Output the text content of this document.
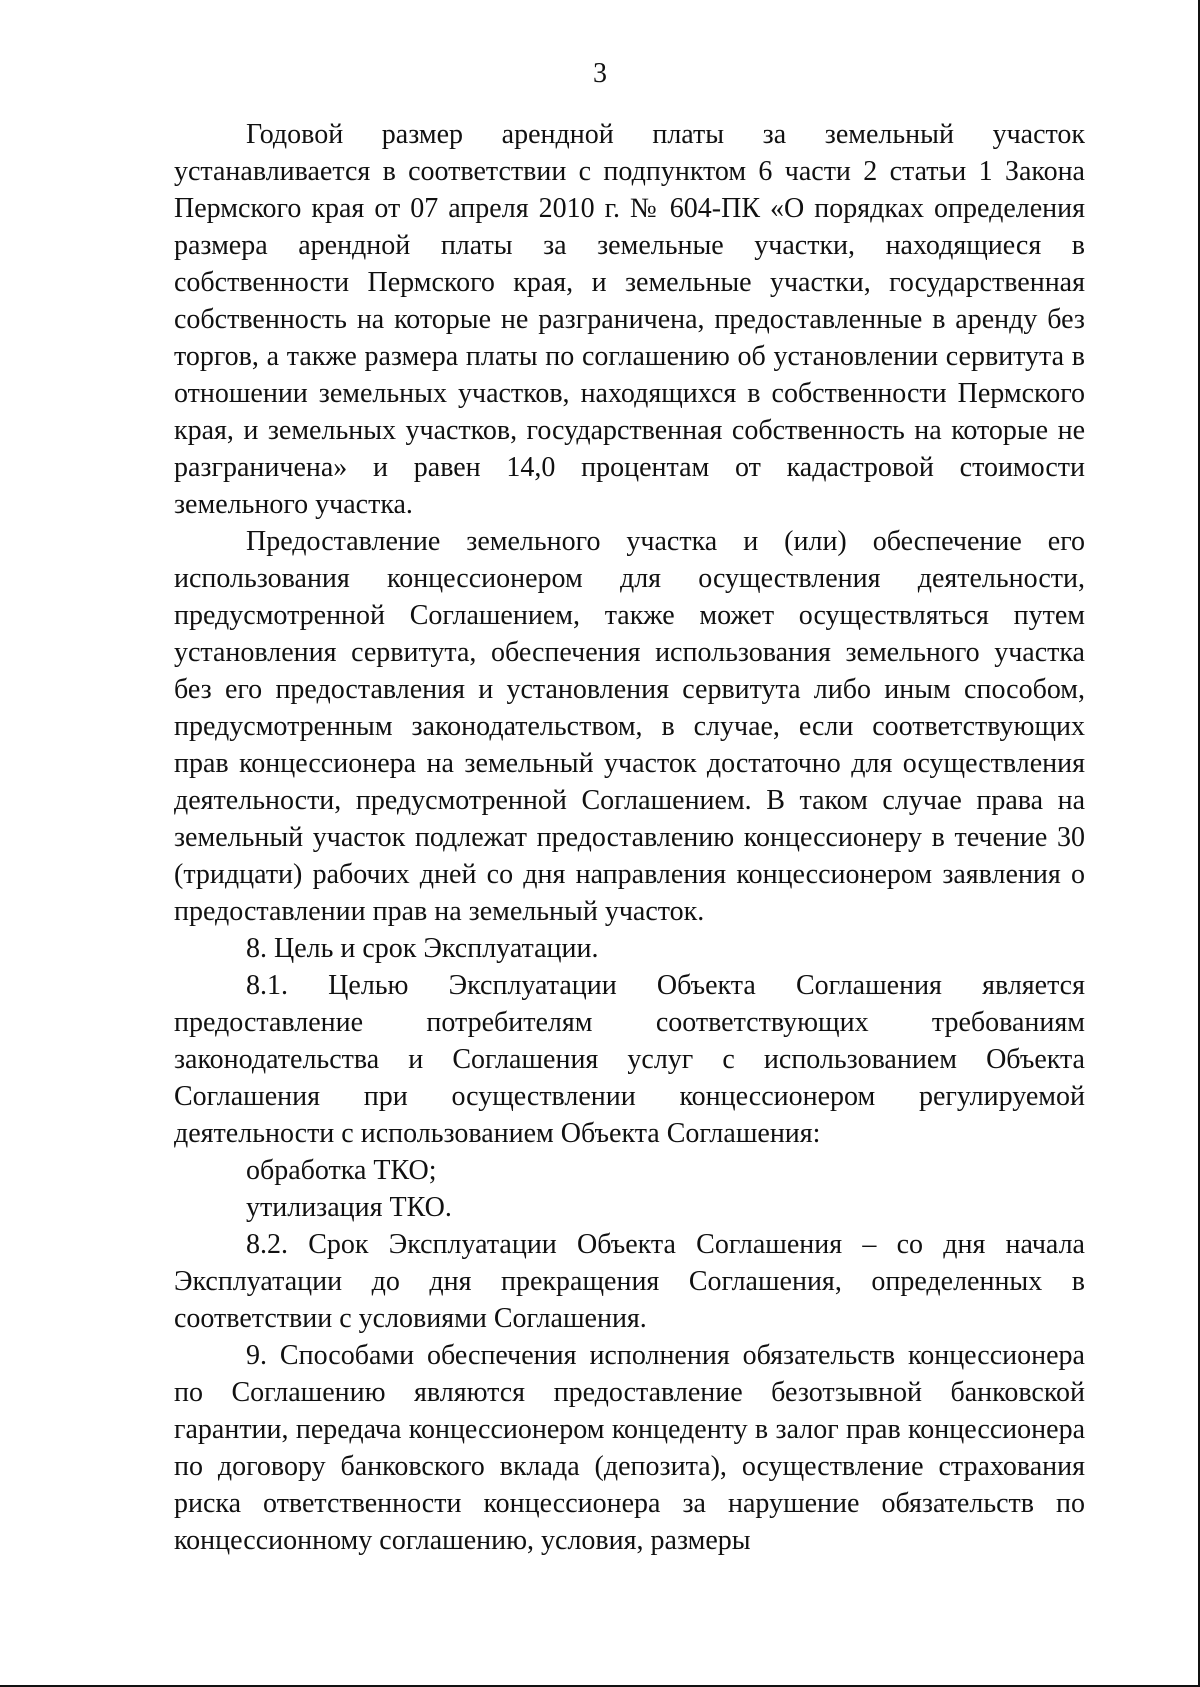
3

Годовой размер арендной платы за земельный участок устанавливается в соответствии с подпунктом 6 части 2 статьи 1 Закона Пермского края от 07 апреля 2010 г. № 604-ПК «О порядках определения размера арендной платы за земельные участки, находящиеся в собственности Пермского края, и земельные участки, государственная собственность на которые не разграничена, предоставленные в аренду без торгов, а также размера платы по соглашению об установлении сервитута в отношении земельных участков, находящихся в собственности Пермского края, и земельных участков, государственная собственность на которые не разграничена» и равен 14,0 процентам от кадастровой стоимости земельного участка.

Предоставление земельного участка и (или) обеспечение его использования концессионером для осуществления деятельности, предусмотренной Соглашением, также может осуществляться путем установления сервитута, обеспечения использования земельного участка без его предоставления и установления сервитута либо иным способом, предусмотренным законодательством, в случае, если соответствующих прав концессионера на земельный участок достаточно для осуществления деятельности, предусмотренной Соглашением. В таком случае права на земельный участок подлежат предоставлению концессионеру в течение 30 (тридцати) рабочих дней со дня направления концессионером заявления о предоставлении прав на земельный участок.

8. Цель и срок Эксплуатации.

8.1. Целью Эксплуатации Объекта Соглашения является предоставление потребителям соответствующих требованиям законодательства и Соглашения услуг с использованием Объекта Соглашения при осуществлении концессионером регулируемой деятельности с использованием Объекта Соглашения:

обработка ТКО;

утилизация ТКО.

8.2. Срок Эксплуатации Объекта Соглашения – со дня начала Эксплуатации до дня прекращения Соглашения, определенных в соответствии с условиями Соглашения.

9. Способами обеспечения исполнения обязательств концессионера по Соглашению являются предоставление безотзывной банковской гарантии, передача концессионером концеденту в залог прав концессионера по договору банковского вклада (депозита), осуществление страхования риска ответственности концессионера за нарушение обязательств по концессионному соглашению, условия, размеры
